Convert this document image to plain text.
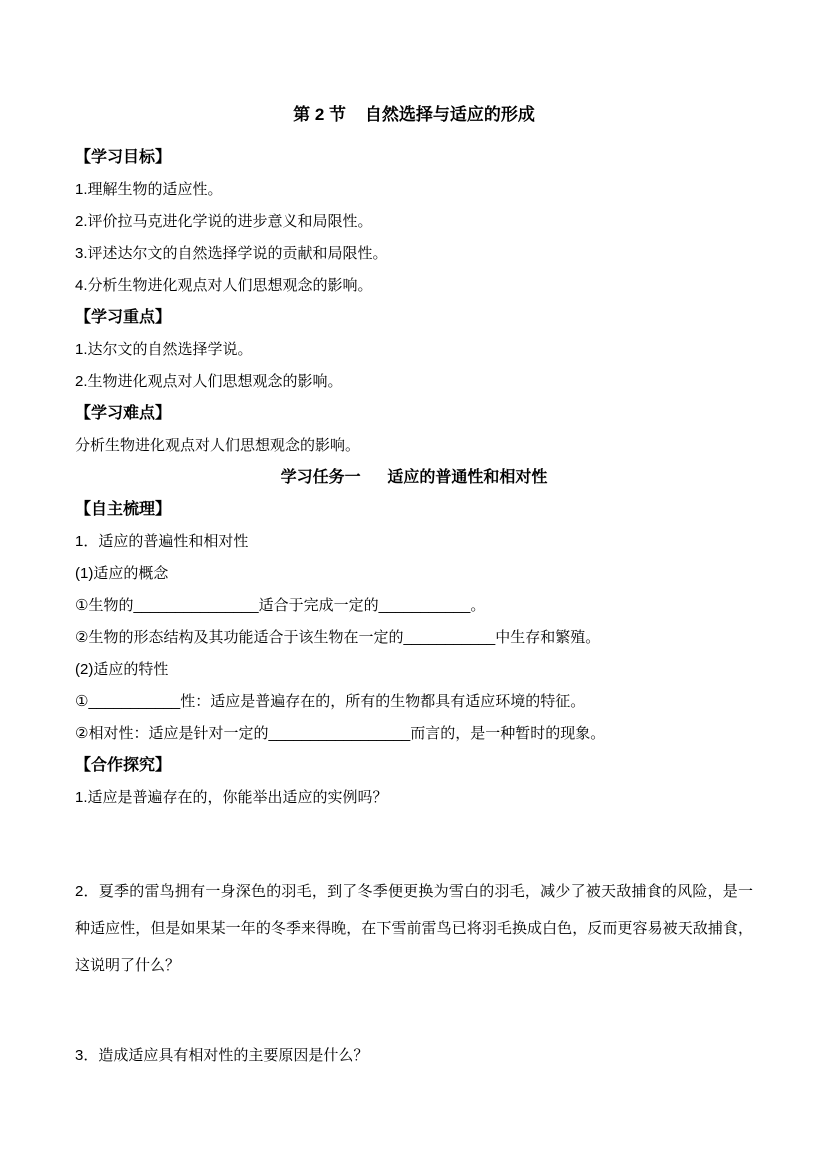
第 2 节    自然选择与适应的形成

【学习目标】

1.理解生物的适应性。

2.评价拉马克进化学说的进步意义和局限性。

3.评述达尔文的自然选择学说的贡献和局限性。

4.分析生物进化观点对人们思想观念的影响。

【学习重点】

1.达尔文的自然选择学说。

2.生物进化观点对人们思想观念的影响。

【学习难点】

分析生物进化观点对人们思想观念的影响。

学习任务一      适应的普通性和相对性

【自主梳理】

1．适应的普遍性和相对性

(1)适应的概念

①生物的_______________适合于完成一定的___________。

②生物的形态结构及其功能适合于该生物在一定的___________中生存和繁殖。

(2)适应的特性

①___________性：适应是普遍存在的，所有的生物都具有适应环境的特征。

②相对性：适应是针对一定的_________________而言的，是一种暂时的现象。

【合作探究】

1.适应是普遍存在的，你能举出适应的实例吗？

2．夏季的雷鸟拥有一身深色的羽毛，到了冬季便更换为雪白的羽毛，减少了被天敌捕食的风险，是一种适应性，但是如果某一年的冬季来得晚，在下雪前雷鸟已将羽毛换成白色，反而更容易被天敌捕食，这说明了什么？

3．造成适应具有相对性的主要原因是什么？
